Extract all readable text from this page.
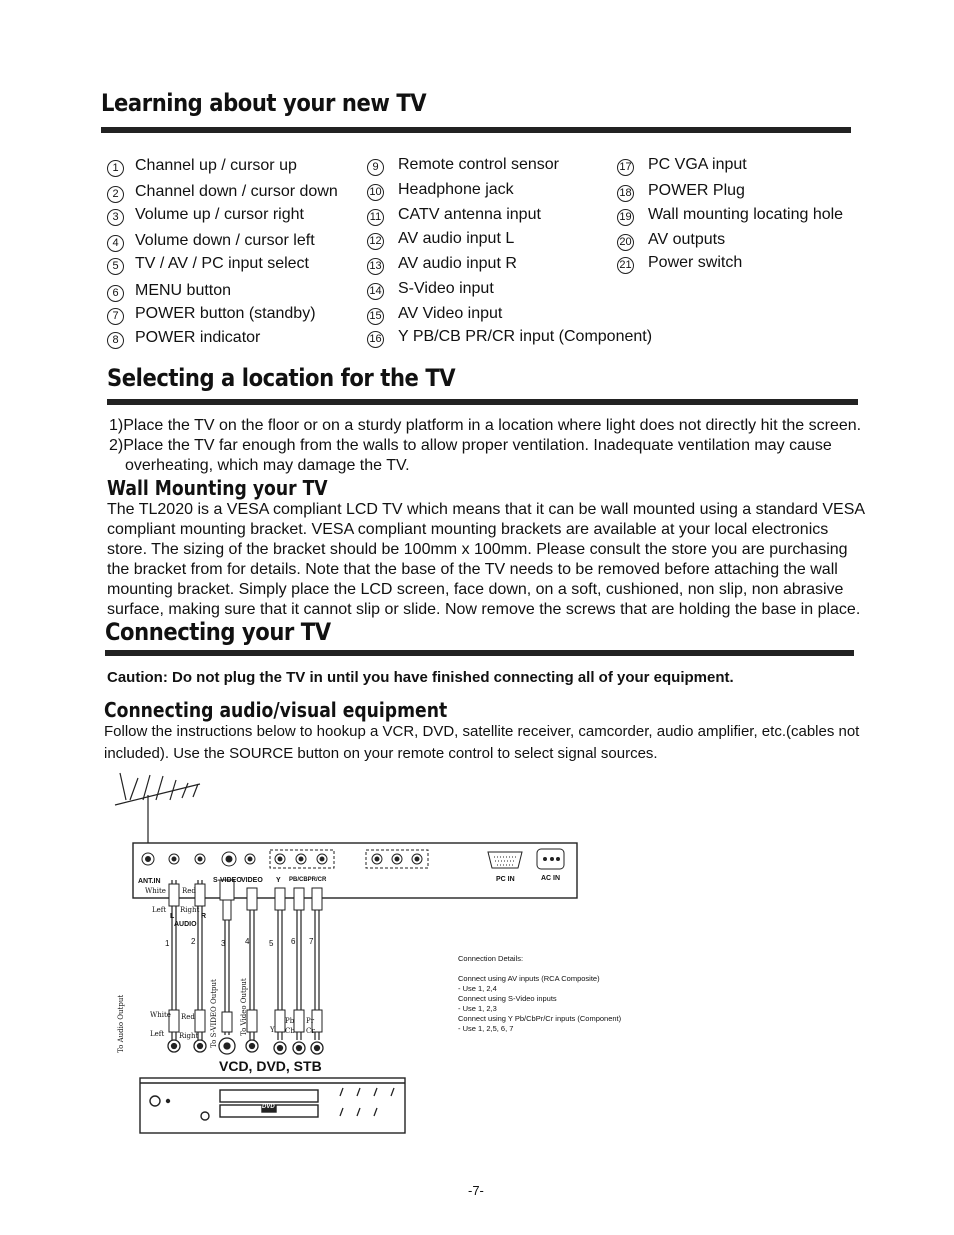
Learning about your new TV
1	Channel up / cursor up
2	Channel down / cursor down
3	Volume up / cursor right
4	Volume down / cursor left
5	TV / AV / PC input select
6	MENU button
7	POWER button (standby)
8	POWER indicator
9	Remote control sensor
10 Headphone jack
11 CATV antenna input
12 AV audio input L
13 AV audio input R
14 S-Video input
15 AV Video input
16 Y PB/CB PR/CR input (Component)
17 PC VGA input
18 POWER Plug
19 Wall mounting locating hole
20 AV outputs
21 Power switch
Selecting a location for the TV
1)Place the TV on the floor or on a sturdy platform in a location where light does not directly hit the screen.
2)Place the TV far enough from the walls to allow proper ventilation. Inadequate ventilation may cause
overheating, which may damage the TV.
Wall Mounting your TV
The TL2020 is a VESA compliant LCD TV which means that it can be wall mounted using a standard VESA
compliant mounting bracket. VESA compliant mounting brackets are available at your local electronics
store. The sizing of the bracket should be 100mm x 100mm. Please consult the store you are purchasing
the bracket from for details. Note that the base of the TV needs to be removed before attaching the wall
mounting bracket. Simply place the LCD screen, face down, on a soft, cushioned, non slip, non abrasive
surface, making sure that it cannot slip or slide. Now remove the screws that are holding the base in place.
Connecting your TV
Caution: Do not plug the TV in until you have finished connecting all of your equipment.
Connecting audio/visual equipment
Follow the instructions below to hookup a VCR, DVD, satellite receiver, camcorder, audio amplifier, etc.(cables not
included). Use the SOURCE button on your remote control to select signal sources.
ANT.IN	S-VIDEO VIDEO Y PB/CBPR/CR	PC IN	AC IN
White Red
Left Right
L	R
AUDIO
1	2	3 4 5 6 7
To Audio Output	To S-VIDEO Output	To Video Output
White Red
Left Right
Y
Pb
Cb
Pr
Cr
VCD, DVD, STB
DVD
Connection Details:
Connect using AV inputs (RCA Composite)
- Use 1, 2,4
Connect using S-Video inputs
- Use 1, 2,3
Connect using Y Pb/CbPr/Cr inputs (Component)
- Use 1, 2,5, 6, 7
-7-
